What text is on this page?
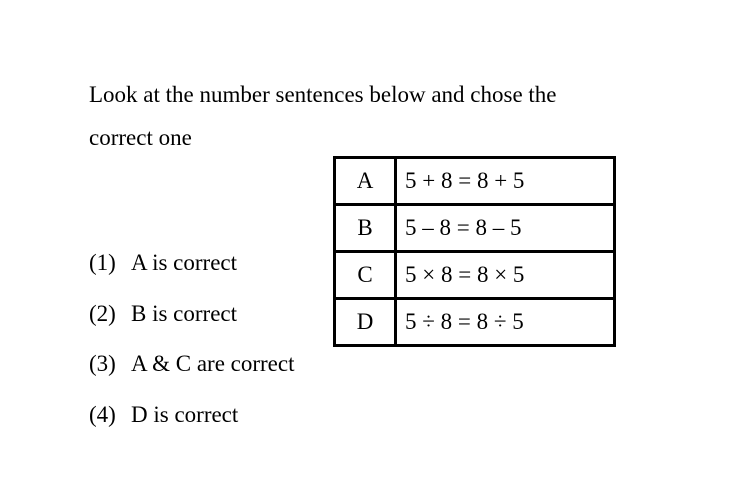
Look at the number sentences below and chose the
correct one
A	5 + 8 = 8 + 5
B	5 – 8 = 8 – 5
C	5 × 8 = 8 × 5
D	5 ÷ 8 = 8 ÷ 5
(1) A is correct
(2) B is correct
(3) A & C are correct
(4) D is correct
